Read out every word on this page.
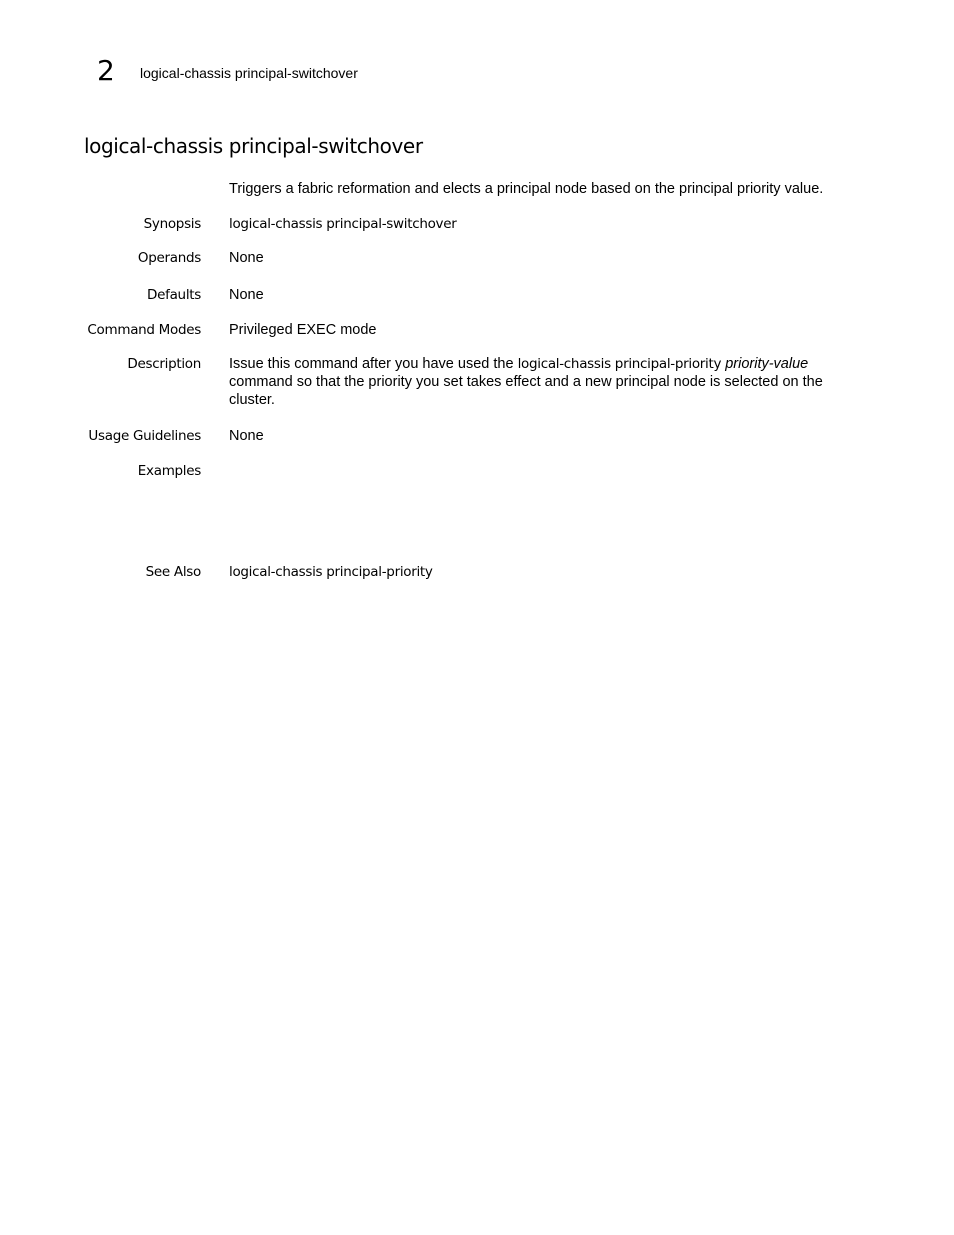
2	logical-chassis principal-switchover
logical-chassis principal-switchover
Triggers a fabric reformation and elects a principal node based on the principal priority value.
Synopsis logical-chassis principal-switchover
Operands None
Defaults None
Command Modes Privileged EXEC mode
Description Issue this command after you have used the logical-chassis principal-priority priority-value command so that the priority you set takes effect and a new principal node is selected on the cluster.
Usage Guidelines None
Examples
See Also logical-chassis principal-priority
